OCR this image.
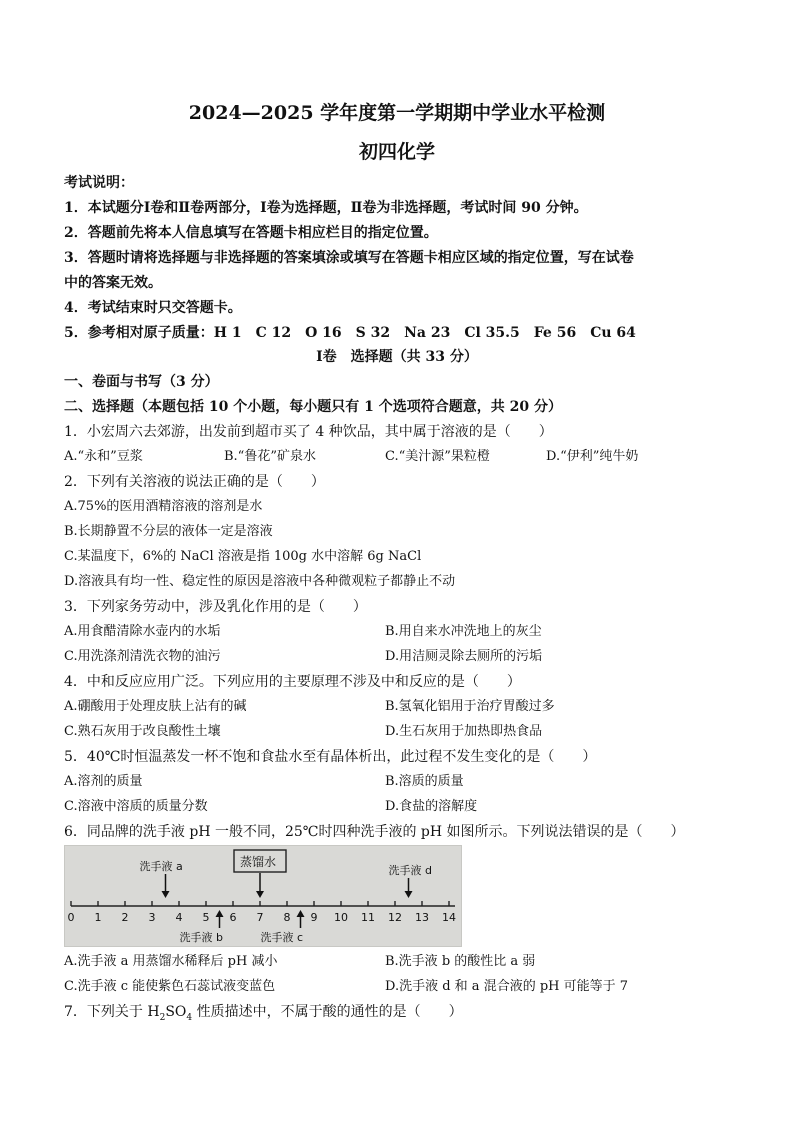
2024—2025 学年度第一学期期中学业水平检测
初四化学
考试说明：
1．本试题分Ⅰ卷和Ⅱ卷两部分，Ⅰ卷为选择题，Ⅱ卷为非选择题，考试时间 90 分钟。
2．答题前先将本人信息填写在答题卡相应栏目的指定位置。
3．答题时请将选择题与非选择题的答案填涂或填写在答题卡相应区域的指定位置，写在试卷
中的答案无效。
4．考试结束时只交答题卡。
5．参考相对原子质量：H 1　C 12　O 16　S 32　Na 23　Cl 35.5　Fe 56　Cu 64
Ⅰ卷　选择题（共 33 分）
一、卷面与书写（3 分）
二、选择题（本题包括 10 个小题，每小题只有 1 个选项符合题意，共 20 分）
1．小宏周六去郊游，出发前到超市买了 4 种饮品，其中属于溶液的是（　　）
A.“永和”豆浆	B.“鲁花”矿泉水	C.“美汁源”果粒橙	D.“伊利”纯牛奶
2．下列有关溶液的说法正确的是（　　）
A.75%的医用酒精溶液的溶剂是水
B.长期静置不分层的液体一定是溶液
C.某温度下，6%的 NaCl 溶液是指 100g 水中溶解 6g NaCl
D.溶液具有均一性、稳定性的原因是溶液中各种微观粒子都静止不动
3．下列家务劳动中，涉及乳化作用的是（　　）
A.用食醋清除水壶内的水垢	B.用自来水冲洗地上的灰尘
C.用洗涤剂清洗衣物的油污	D.用洁厕灵除去厕所的污垢
4．中和反应应用广泛。下列应用的主要原理不涉及中和反应的是（　　）
A.硼酸用于处理皮肤上沾有的碱	B.氢氧化铝用于治疗胃酸过多
C.熟石灰用于改良酸性土壤	D.生石灰用于加热即热食品
5．40℃时恒温蒸发一杯不饱和食盐水至有晶体析出，此过程不发生变化的是（　　）
A.溶剂的质量	B.溶质的质量
C.溶液中溶质的质量分数	D.食盐的溶解度
6．同品牌的洗手液 pH 一般不同，25℃时四种洗手液的 pH 如图所示。下列说法错误的是（　　）
0 1 2 3 4 5 6 7 8 9 10 11 12 13 14
洗手液 a	蒸馏水
洗手液 d
洗手液 b	洗手液 c
A.洗手液 a 用蒸馏水稀释后 pH 减小	B.洗手液 b 的酸性比 a 弱
C.洗手液 c 能使紫色石蕊试液变蓝色	D.洗手液 d 和 a 混合液的 pH 可能等于 7
7．下列关于 $H_2SO_4$ 性质描述中，不属于酸的通性的是（　　）
